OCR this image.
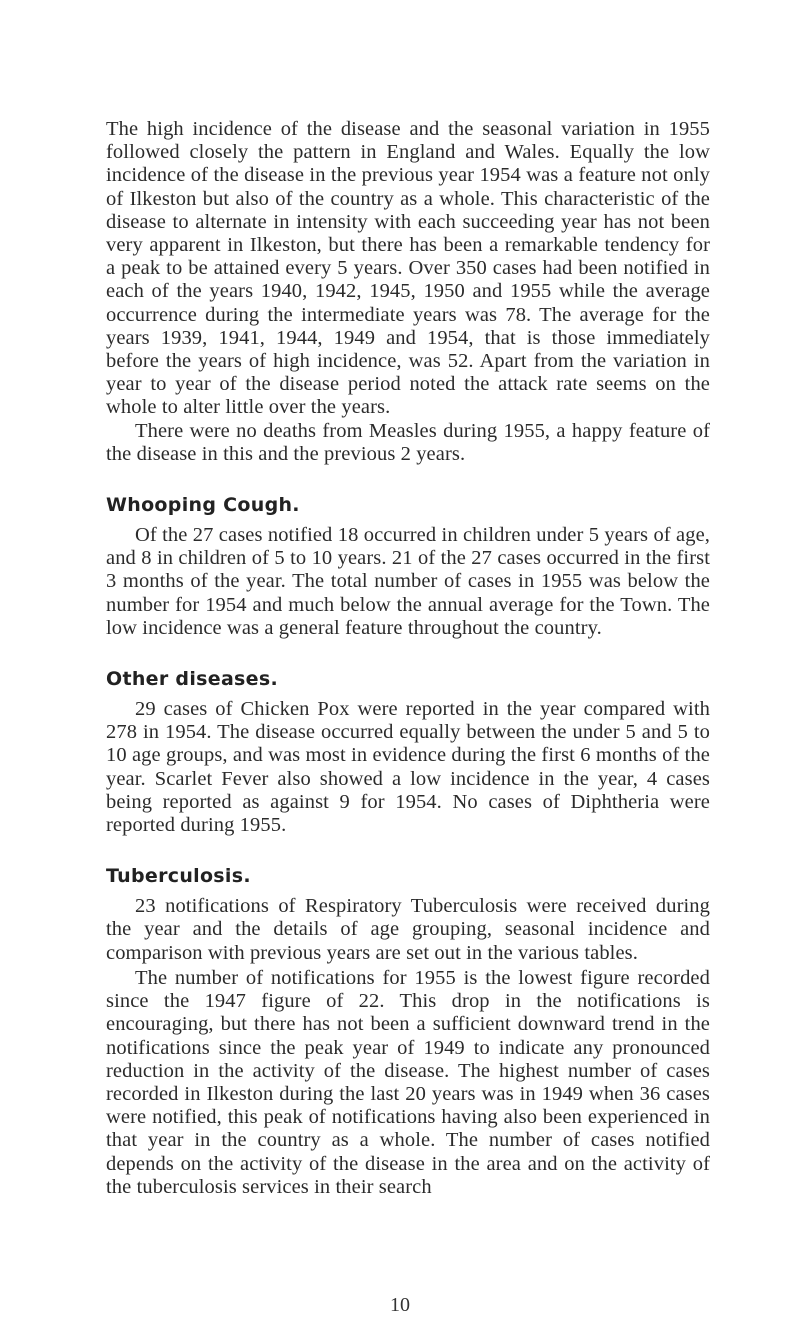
The high incidence of the disease and the seasonal variation in 1955 followed closely the pattern in England and Wales. Equally the low incidence of the disease in the previous year 1954 was a feature not only of Ilkeston but also of the country as a whole. This characteristic of the disease to alternate in intensity with each succeeding year has not been very apparent in Ilkeston, but there has been a remarkable tendency for a peak to be attained every 5 years. Over 350 cases had been notified in each of the years 1940, 1942, 1945, 1950 and 1955 while the average occurrence during the intermediate years was 78. The average for the years 1939, 1941, 1944, 1949 and 1954, that is those immediately before the years of high incidence, was 52. Apart from the variation in year to year of the disease period noted the attack rate seems on the whole to alter little over the years.

There were no deaths from Measles during 1955, a happy feature of the disease in this and the previous 2 years.

Whooping Cough.

Of the 27 cases notified 18 occurred in children under 5 years of age, and 8 in children of 5 to 10 years. 21 of the 27 cases occurred in the first 3 months of the year. The total number of cases in 1955 was below the number for 1954 and much below the annual average for the Town. The low incidence was a general feature throughout the country.

Other diseases.

29 cases of Chicken Pox were reported in the year compared with 278 in 1954. The disease occurred equally between the under 5 and 5 to 10 age groups, and was most in evidence during the first 6 months of the year. Scarlet Fever also showed a low incidence in the year, 4 cases being reported as against 9 for 1954. No cases of Diphtheria were reported during 1955.

Tuberculosis.

23 notifications of Respiratory Tuberculosis were received during the year and the details of age grouping, seasonal incidence and comparison with previous years are set out in the various tables.

The number of notifications for 1955 is the lowest figure recorded since the 1947 figure of 22. This drop in the notifications is encouraging, but there has not been a sufficient downward trend in the notifications since the peak year of 1949 to indicate any pronounced reduction in the activity of the disease. The highest number of cases recorded in Ilkeston during the last 20 years was in 1949 when 36 cases were notified, this peak of notifications having also been experienced in that year in the country as a whole. The number of cases notified depends on the activity of the disease in the area and on the activity of the tuberculosis services in their search

10
